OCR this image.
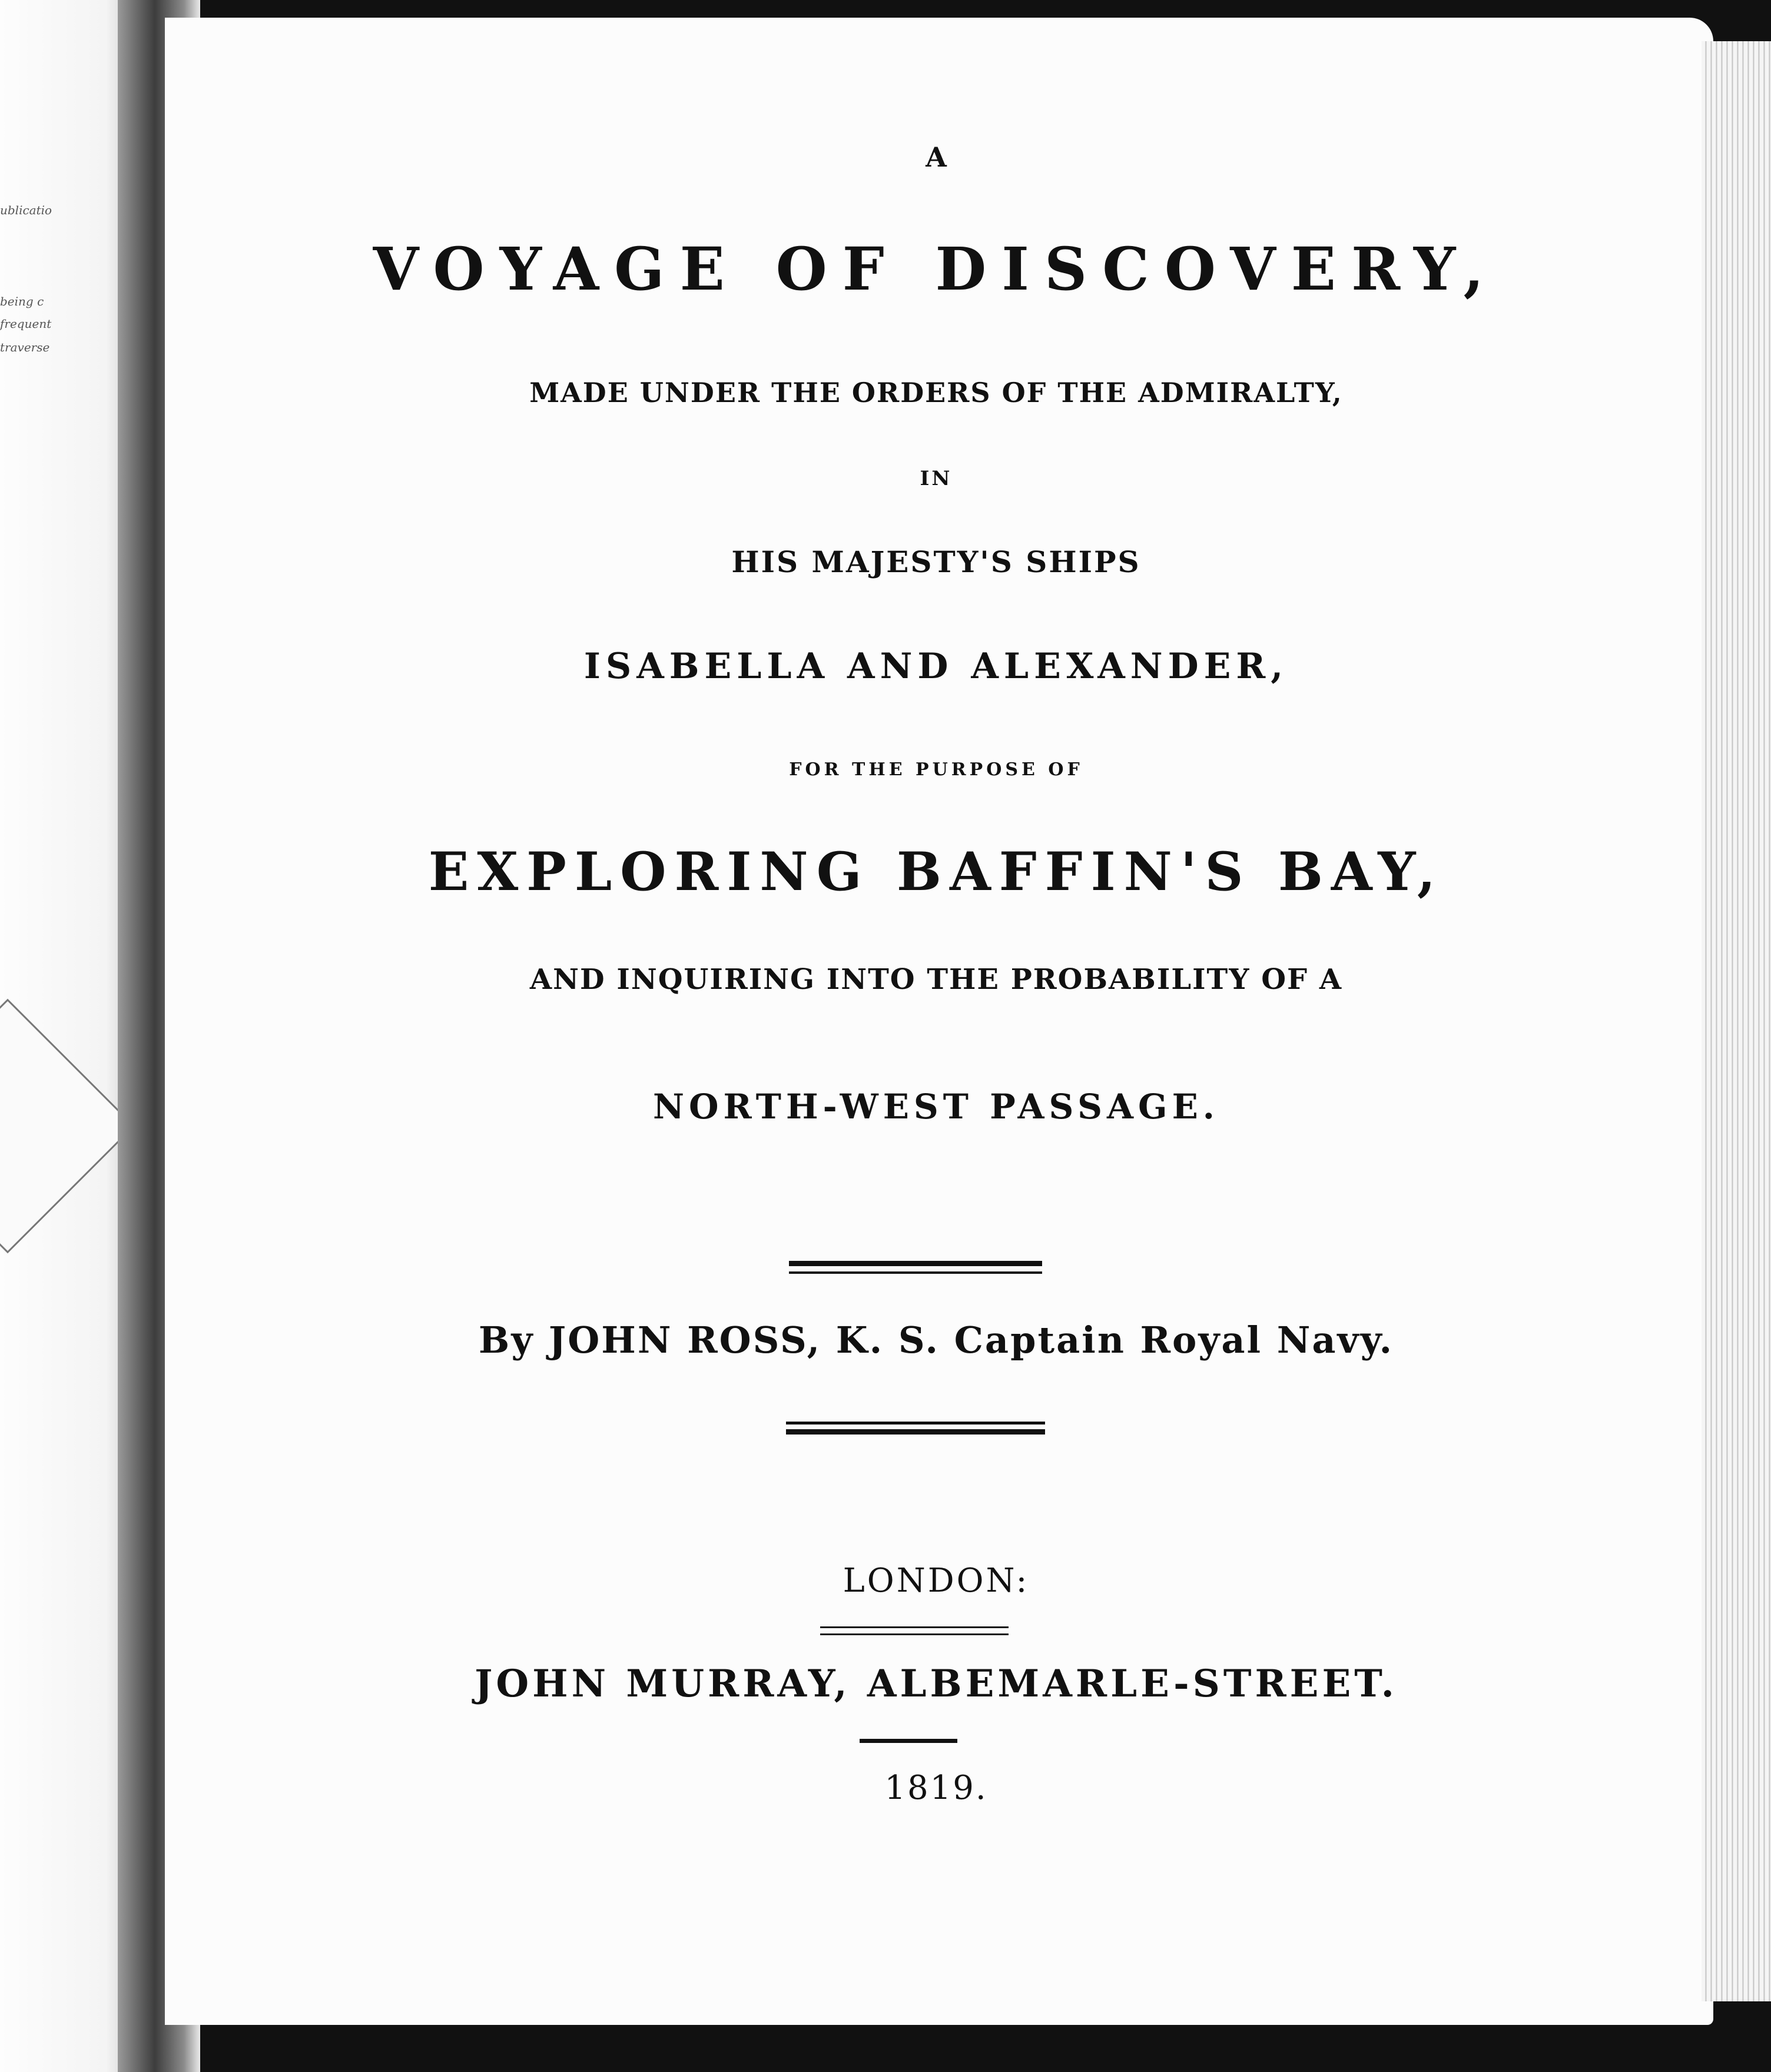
ublicatio
being c
frequent
traverse
A
VOYAGE OF DISCOVERY,
MADE UNDER THE ORDERS OF THE ADMIRALTY,
IN
HIS MAJESTY'S SHIPS
ISABELLA AND ALEXANDER,
FOR THE PURPOSE OF
EXPLORING BAFFIN'S BAY,
AND INQUIRING INTO THE PROBABILITY OF A
NORTH-WEST PASSAGE.
By JOHN ROSS, K. S. Captain Royal Navy.
LONDON:
JOHN MURRAY, ALBEMARLE-STREET.
1819.
